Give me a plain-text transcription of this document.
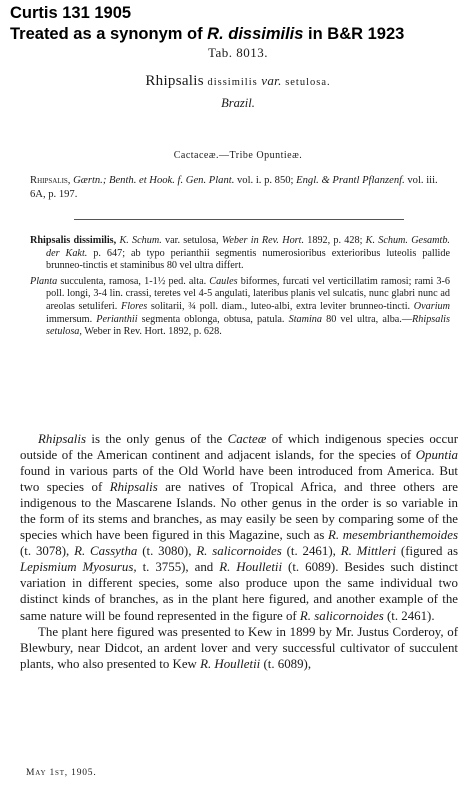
Curtis 131 1905
Treated as a synonym of R. dissimilis in B&R 1923
Tab. 8013.
Rhipsalis dissimilis var. setulosa.
Brazil.
Cactaceæ.—Tribe Opuntieæ.
Rhipsalis, Gærtn.; Benth. et Hook. f. Gen. Plant. vol. i. p. 850; Engl. & Prantl Pflanzenf. vol. iii. 6A, p. 197.

Rhipsalis dissimilis, K. Schum. var. setulosa, Weber in Rev. Hort. 1892, p. 428; K. Schum. Gesamtb. der Kakt. p. 647; ab typo perianthii segmentis numerosioribus exterioribus luteolis pallide brunneo-tinctis et staminibus 80 vel ultra differt.

Planta succulenta, ramosa, 1-1½ ped. alta. Caules biformes, furcati vel verticillatim ramosi; rami 3-6 poll. longi, 3-4 lin. crassi, teretes vel 4-5 angulati, lateribus planis vel sulcatis, nunc glabri nunc ad areolas setuliferi. Flores solitarii, ¾ poll. diam., luteo-albi, extra leviter brunneo-tincti. Ovarium immersum. Perianthii segmenta oblonga, obtusa, patula. Stamina 80 vel ultra, alba.—Rhipsalis setulosa, Weber in Rev. Hort. 1892, p. 628.

Rhipsalis is the only genus of the Cacteæ of which indigenous species occur outside of the American continent and adjacent islands, for the species of Opuntia found in various parts of the Old World have been introduced from America. But two species of Rhipsalis are natives of Tropical Africa, and three others are indigenous to the Mascarene Islands. No other genus in the order is so variable in the form of its stems and branches, as may easily be seen by comparing some of the species which have been figured in this Magazine, such as R. mesembrianthemoides (t. 3078), R. Cassytha (t. 3080), R. salicornoides (t. 2461), R. Mittleri (figured as Lepismium Myosurus, t. 3755), and R. Houlletii (t. 6089). Besides such distinct variation in different species, some also produce upon the same individual two distinct kinds of branches, as in the plant here figured, and another example of the same nature will be found represented in the figure of R. salicornoides (t. 2461).

The plant here figured was presented to Kew in 1899 by Mr. Justus Corderoy, of Blewbury, near Didcot, an ardent lover and very successful cultivator of succulent plants, who also presented to Kew R. Houlletii (t. 6089),

May 1st, 1905.
